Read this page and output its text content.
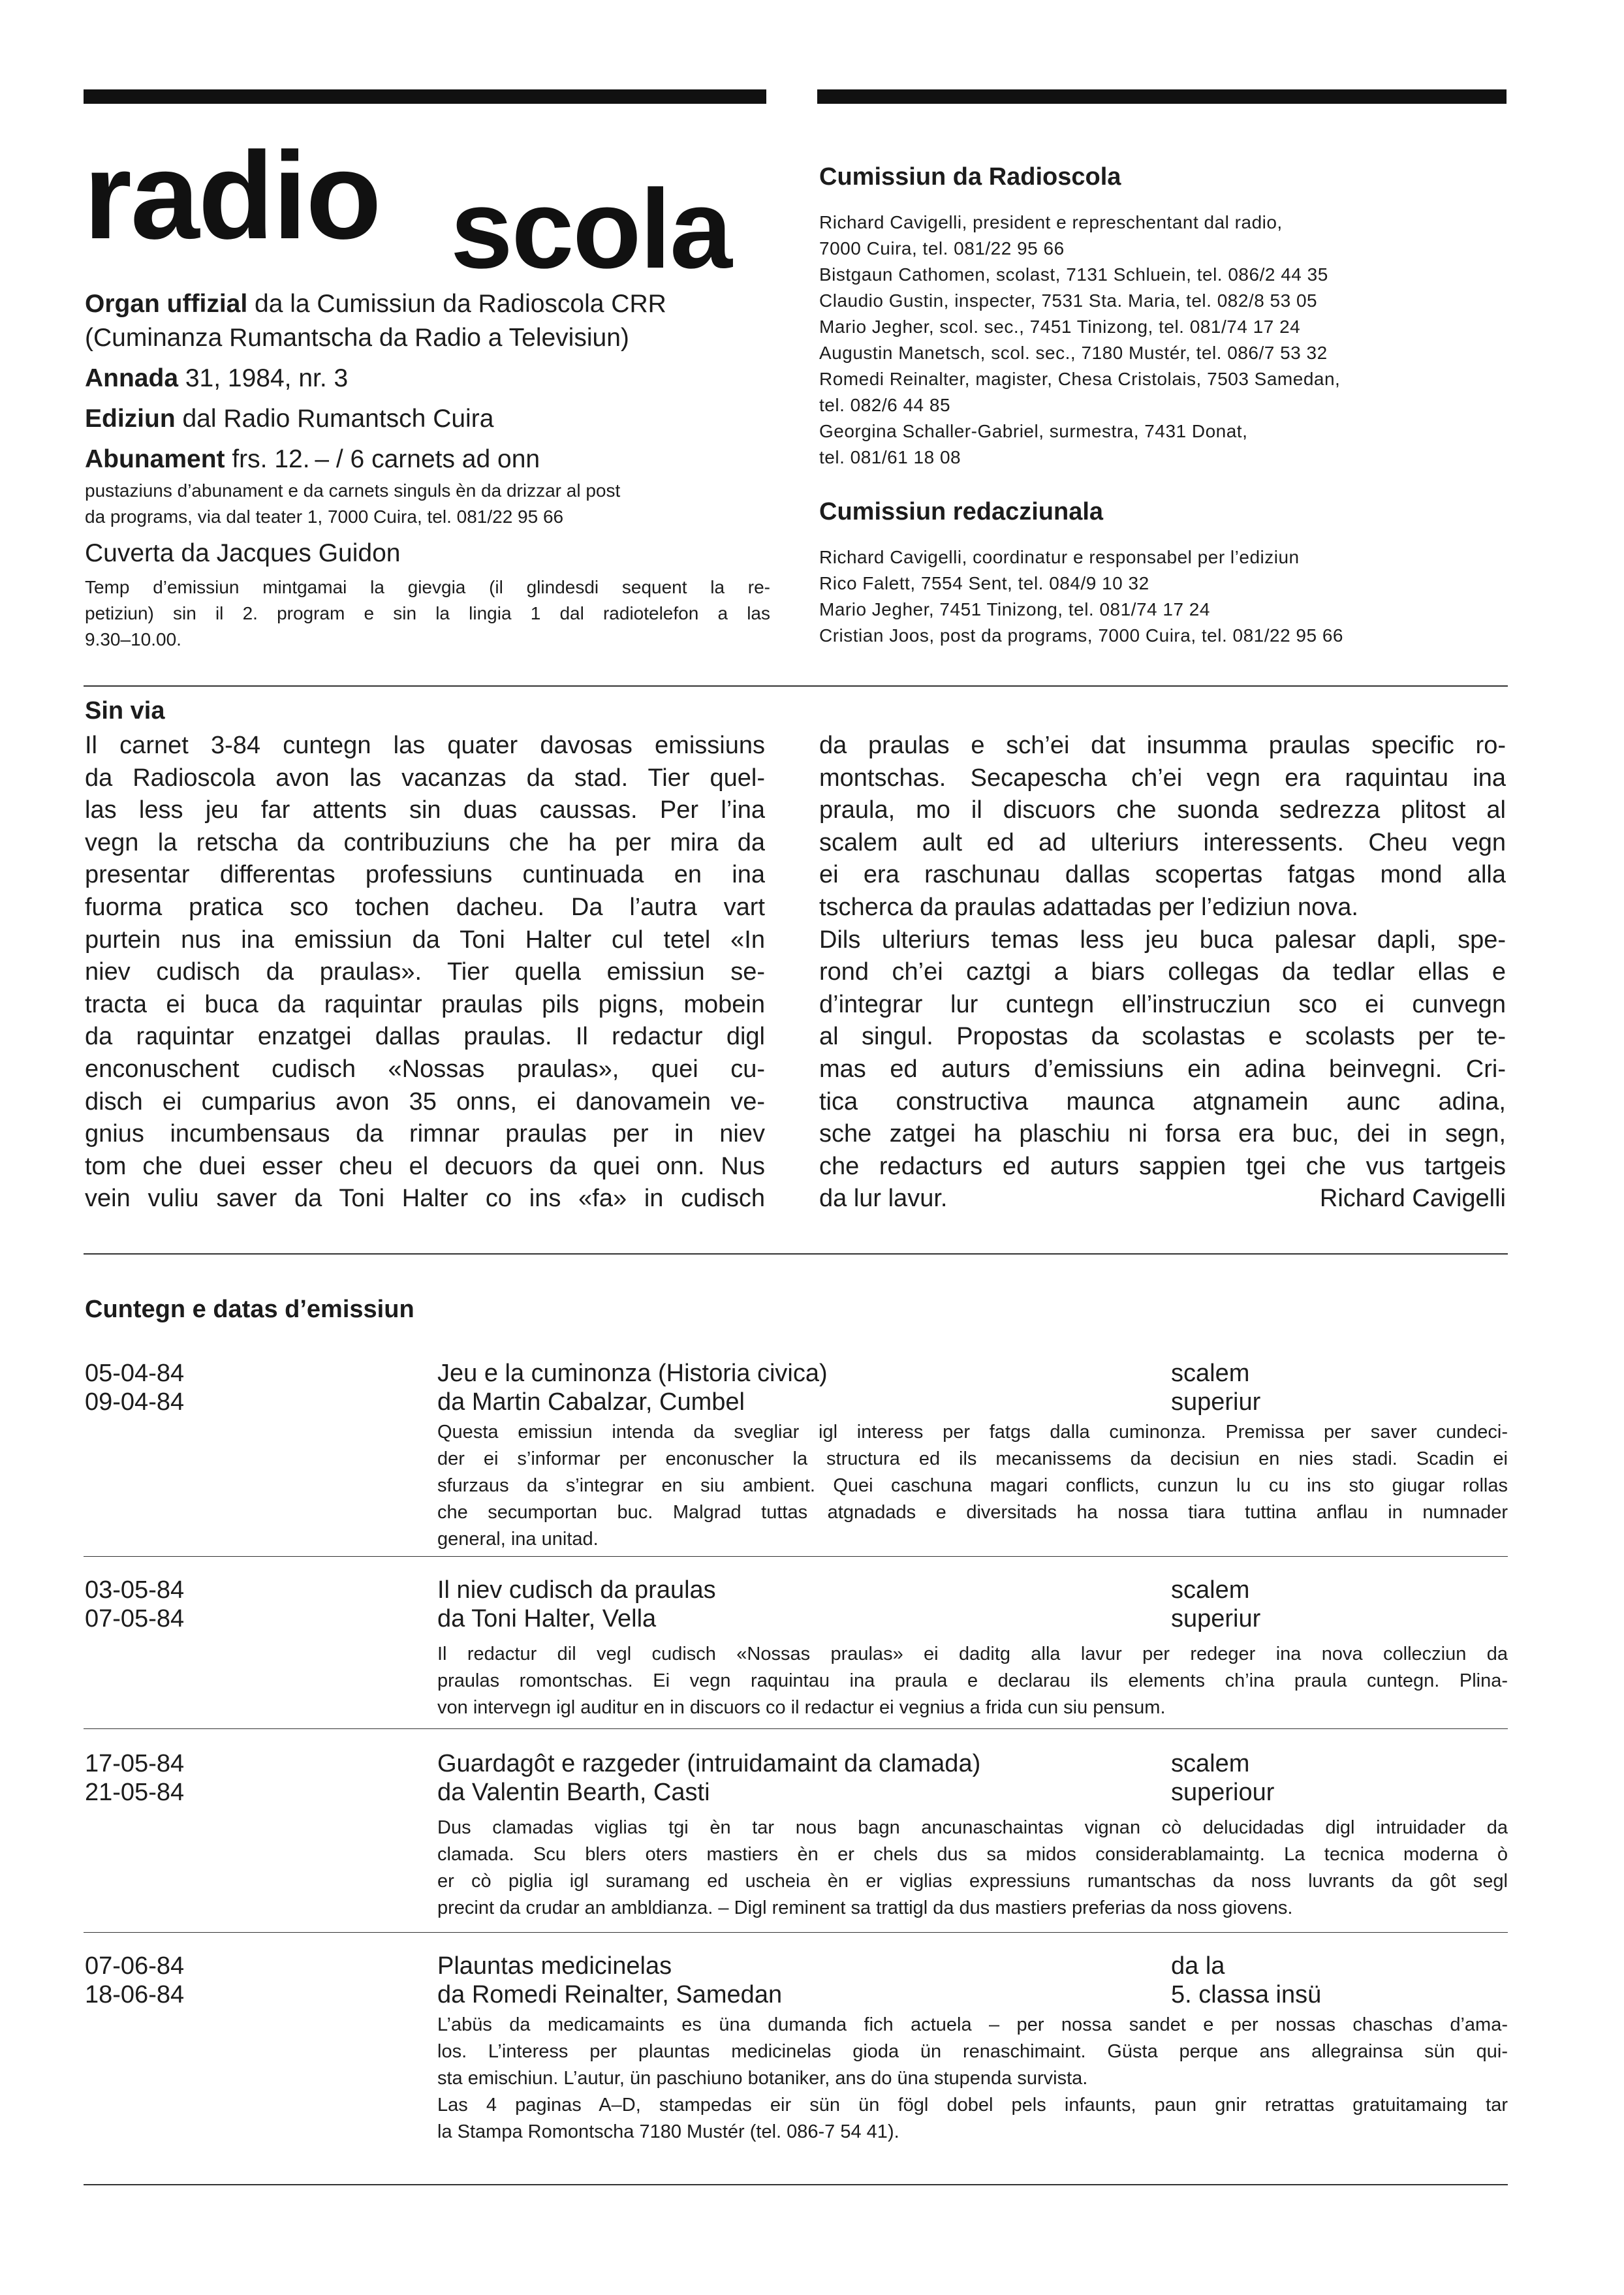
radio scola
Organ uffizial da la Cumissiun da Radioscola CRR
(Cuminanza Rumantscha da Radio a Televisiun)
Annada 31, 1984, nr. 3
Ediziun dal Radio Rumantsch Cuira
Abunament frs. 12. – / 6 carnets ad onn
pustaziuns d’abunament e da carnets singuls èn da drizzar al post
da programs, via dal teater 1, 7000 Cuira, tel. 081/22 95 66
Cuverta da Jacques Guidon
Temp d’emissiun mintgamai la gievgia (il glindesdi sequent la re-
petiziun) sin il 2. program e sin la lingia 1 dal radiotelefon a las
9.30–10.00.
Cumissiun da Radioscola
Richard Cavigelli, president e represchentant dal radio,
7000 Cuira, tel. 081/22 95 66
Bistgaun Cathomen, scolast, 7131 Schluein, tel. 086/2 44 35
Claudio Gustin, inspecter, 7531 Sta. Maria, tel. 082/8 53 05
Mario Jegher, scol. sec., 7451 Tinizong, tel. 081/74 17 24
Augustin Manetsch, scol. sec., 7180 Mustér, tel. 086/7 53 32
Romedi Reinalter, magister, Chesa Cristolais, 7503 Samedan,
tel. 082/6 44 85
Georgina Schaller-Gabriel, surmestra, 7431 Donat,
tel. 081/61 18 08
Cumissiun redacziunala
Richard Cavigelli, coordinatur e responsabel per l’ediziun
Rico Falett, 7554 Sent, tel. 084/9 10 32
Mario Jegher, 7451 Tinizong, tel. 081/74 17 24
Cristian Joos, post da programs, 7000 Cuira, tel. 081/22 95 66
Sin via
Il carnet 3-84 cuntegn las quater davosas emissiuns
da Radioscola avon las vacanzas da stad. Tier quel-
las less jeu far attents sin duas caussas. Per l’ina
vegn la retscha da contribuziuns che ha per mira da
presentar differentas professiuns cuntinuada en ina
fuorma pratica sco tochen dacheu. Da l’autra vart
purtein nus ina emissiun da Toni Halter cul tetel «In
niev cudisch da praulas». Tier quella emissiun se-
tracta ei buca da raquintar praulas pils pigns, mobein
da raquintar enzatgei dallas praulas. Il redactur digl
enconuschent cudisch «Nossas praulas», quei cu-
disch ei cumparius avon 35 onns, ei danovamein ve-
gnius incumbensaus da rimnar praulas per in niev
tom che duei esser cheu el decuors da quei onn. Nus
vein vuliu saver da Toni Halter co ins «fa» in cudisch
da praulas e sch’ei dat insumma praulas specific ro-
montschas. Secapescha ch’ei vegn era raquintau ina
praula, mo il discuors che suonda sedrezza plitost al
scalem ault ed ad ulteriurs interessents. Cheu vegn
ei era raschunau dallas scopertas fatgas mond alla
tscherca da praulas adattadas per l’ediziun nova.
Dils ulteriurs temas less jeu buca palesar dapli, spe-
rond ch’ei caztgi a biars collegas da tedlar ellas e
d’integrar lur cuntegn ell’instrucziun sco ei cunvegn
al singul. Propostas da scolastas e scolasts per te-
mas ed auturs d’emissiuns ein adina beinvegni. Cri-
tica constructiva maunca atgnamein aunc adina,
sche zatgei ha plaschiu ni forsa era buc, dei in segn,
che redacturs ed auturs sappien tgei che vus tartgeis
da lur lavur.	Richard Cavigelli
Cuntegn e datas d’emissiun
05-04-84
09-04-84
Jeu e la cuminonza (Historia civica)
da Martin Cabalzar, Cumbel
scalem
superiur
Questa emissiun intenda da svegliar igl interess per fatgs dalla cuminonza. Premissa per saver cundeci-
der ei s’informar per enconuscher la structura ed ils mecanissems da decisiun en nies stadi. Scadin ei
sfurzaus da s’integrar en siu ambient. Quei caschuna magari conflicts, cunzun lu cu ins sto giugar rollas
che secumportan buc. Malgrad tuttas atgnadads e diversitads ha nossa tiara tuttina anflau in numnader
general, ina unitad.
03-05-84
07-05-84
Il niev cudisch da praulas
da Toni Halter, Vella
scalem
superiur
Il redactur dil vegl cudisch «Nossas praulas» ei daditg alla lavur per redeger ina nova collecziun da
praulas romontschas. Ei vegn raquintau ina praula e declarau ils elements ch’ina praula cuntegn. Plina-
von intervegn igl auditur en in discuors co il redactur ei vegnius a frida cun siu pensum.
17-05-84
21-05-84
Guardagôt e razgeder (intruidamaint da clamada)
da Valentin Bearth, Casti
scalem
superiour
Dus clamadas viglias tgi èn tar nous bagn ancunaschaintas vignan cò delucidadas digl intruidader da
clamada. Scu blers oters mastiers èn er chels dus sa midos considerablamaintg. La tecnica moderna ò
er cò piglia igl suramang ed uscheia èn er viglias expressiuns rumantschas da noss luvrants da gôt segl
precint da crudar an ambldianza. – Digl reminent sa trattigl da dus mastiers preferias da noss giovens.
07-06-84
18-06-84
Plauntas medicinelas
da Romedi Reinalter, Samedan
da la
5. classa insü
L’abüs da medicamaints es üna dumanda fich actuela – per nossa sandet e per nossas chaschas d’ama-
los. L’interess per plauntas medicinelas gioda ün renaschimaint. Güsta perque ans allegrainsa sün qui-
sta emischiun. L’autur, ün paschiuno botaniker, ans do üna stupenda survista.
Las 4 paginas A–D, stampedas eir sün ün fögl dobel pels infaunts, paun gnir retrattas gratuitamaing tar
la Stampa Romontscha 7180 Mustér (tel. 086-7 54 41).
